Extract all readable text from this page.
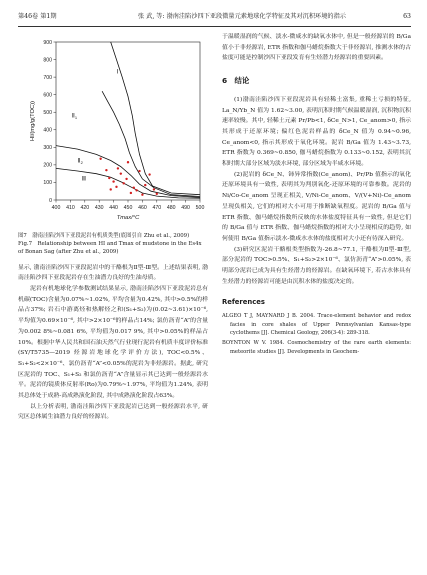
第46卷 第1期	张 武, 等: 渤南洼陷沙四下亚段微量元素地球化学特征及其对沉积环境的指示	63
400 410 420 430 440 450 460 470 480 490 500
0
100
200
300
400
500
600
700
800
900
Tmax/°C
HI/(mg/g(TOC))
Ⅰ
$Ⅱ_1$
$Ⅱ_2$
Ⅲ
图7　渤南洼陷沙四下亚段泥岩有机质类型(底图引自 Zhu et al., 2009)
Fig.7　Relationship between HI and Tmax of mudstone in the Es4x of Bonan Sag (after Zhu et al., 2009)

显示, 渤南洼陷沙四下亚段泥岩中的干酪根为Ⅱ型-Ⅲ型。上述结果表明, 渤南洼陷沙四下亚段泥岩存在生油潜力良好的生油母质。

泥岩有机地球化学参数测试结果显示, 渤南洼陷沙四下亚段泥岩总有机碳(TOC)含量为0.07%~1.02%, 平均含量为0.42%, 其中>0.5%的样品占37%; 岩石中游离烃和热解烃之和(S₁+S₂)为(0.02~3.61)×10⁻⁶, 平均值为0.69×10⁻⁶, 其中>2×10⁻⁶的样品占14%; 氯仿沥青“A”的含量为0.002 8%~0.081 6%, 平均值为0.017 9%, 其中>0.05%的样品占10%。根据中华人民共和国石油天然气行业现行泥岩有机质丰度评价标准(SY/T5735—2019 烃源岩地球化学评价方法), TOC<0.5%、S₁+S₂<2×10⁻⁶、氯仿沥青“A”<0.05%的泥岩为非烃源岩。据此, 研究区泥岩的 TOC、S₁+S₂ 和氯仿沥青“A”含量显示其已达到一般烃源岩水平。泥岩的镜质体反射率(Ro)为0.79%~1.97%, 平均值为1.24%, 表明其总体处于成熟-高成熟演化阶段, 其中成熟演化阶段占63%。

以上分析表明, 渤南洼陷沙四下亚段泥岩已达到一般烃源岩水平, 研究区总体属生油潜力良好的烃源岩。

于温暖湿润的气候、淡水-微咸水的缺氧水体中, 但是一般烃源岩的 B/Ga 值小于非烃源岩, ETR 指数和伽马蜡烷指数大于非烃源岩, 推测水体的古盐度可能是控制沙四下亚段发育有生烃潜力烃源岩的重要因素。

6　结论

(1)渤南洼陷沙四下亚段泥岩具有轻稀土富集, 重稀土亏损的特征, La_N/Yb_N 值为 1.62~3.00, 表明沉积时期气候温暖湿润, 沉积物沉积速率较慢。其中, 轻稀土元素 Pr/Pb<1, δCe_N>1, Ce_anom>0, 指示其形成于还原环境; 偏红色泥岩样品的 δCe_N 值为 0.94~0.96, Ce_anom<0, 指示其形成于氧化环境。泥岩 B/Ga 值为 1.43~3.73, ETR 指数为 0.369~0.850, 伽马蜡烷指数为 0.133~0.152, 表明其沉积时期大部分区域为淡水环境, 部分区域为半咸水环境。

(2)泥岩的 δCe_N、铈异常指数(Ce_anom)、Pr/Pb 值指示的氧化还原环境具有一致性, 表明其为判别氧化-还原环境的可靠参数。泥岩的 Ni/Co-Ce_anom 呈现正相关, V/Ni-Ce_anom、V/(V+Ni)-Ce_anom 呈现负相关, 它们的相对大小可用于推断缺氧程度。泥岩的 B/Ga 值与 ETR 指数、伽马蜡烷指数所反映的水体盐度特征具有一致性, 但是它们的 B/Ga 值与 ETR 指数、伽马蜡烷指数的相对大小呈现相反的趋势, 如何使用 B/Ga 值指示淡水-微咸水水体的盐度相对大小还有待深入研究。

(3)研究区泥岩干酪根类型指数为-26.8~77.1, 干酪根为Ⅱ型-Ⅲ型, 部分泥岩的 TOC>0.5%、S₁+S₂>2×10⁻⁶、氯仿沥青“A”>0.05%, 表明部分泥岩已成为具有生烃潜力的烃源岩。在缺氧环境下, 若古水体具有生烃潜力的烃源岩可能是由沉积水体的盐度决定的。

References

ALGEO T J, MAYNARD J B. 2004. Trace-element behavior and redox facies in core shales of Upper Pennsylvanian Kansas-type cyclothems [J]. Chemical Geology, 206(3-4): 289-318.

BOYNTON W V. 1984. Cosmochemistry of the rare earth elements: meteorite studies [J]. Developments in Geochem-
